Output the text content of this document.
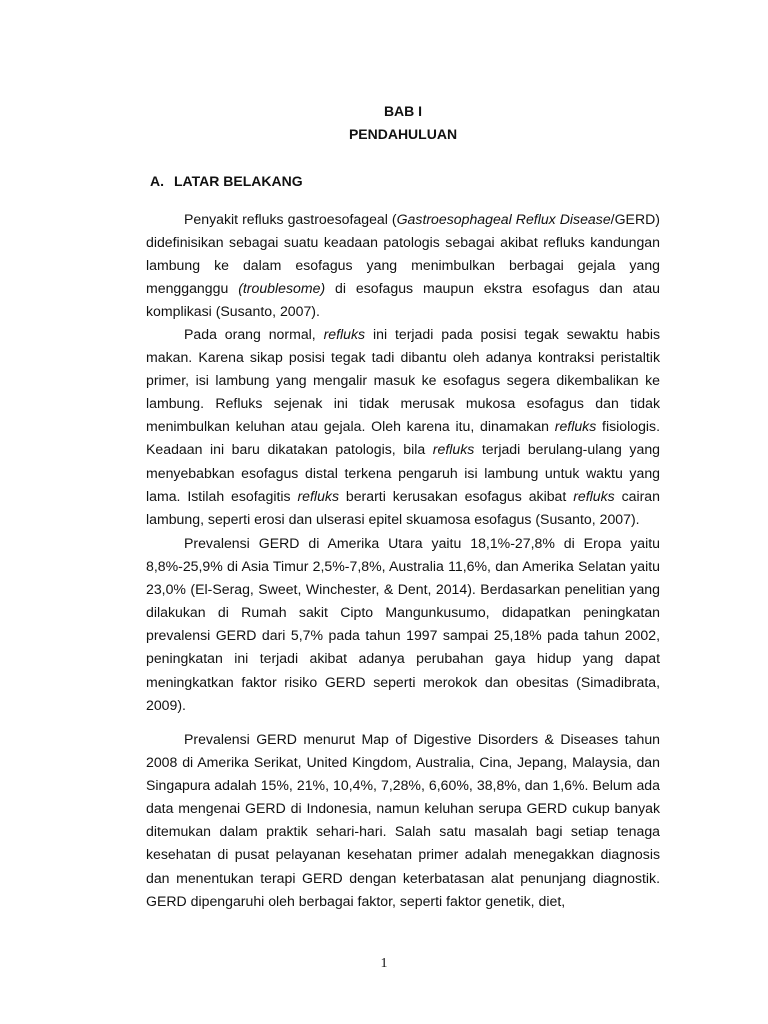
BAB I
PENDAHULUAN
A. LATAR BELAKANG

Penyakit refluks gastroesofageal (Gastroesophageal Reflux Disease/GERD) didefinisikan sebagai suatu keadaan patologis sebagai akibat refluks kandungan lambung ke dalam esofagus yang menimbulkan berbagai gejala yang mengganggu (troublesome) di esofagus maupun ekstra esofagus dan atau komplikasi (Susanto, 2007).

Pada orang normal, refluks ini terjadi pada posisi tegak sewaktu habis makan. Karena sikap posisi tegak tadi dibantu oleh adanya kontraksi peristaltik primer, isi lambung yang mengalir masuk ke esofagus segera dikembalikan ke lambung. Refluks sejenak ini tidak merusak mukosa esofagus dan tidak menimbulkan keluhan atau gejala. Oleh karena itu, dinamakan refluks fisiologis. Keadaan ini baru dikatakan patologis, bila refluks terjadi berulang-ulang yang menyebabkan esofagus distal terkena pengaruh isi lambung untuk waktu yang lama. Istilah esofagitis refluks berarti kerusakan esofagus akibat refluks cairan lambung, seperti erosi dan ulserasi epitel skuamosa esofagus (Susanto, 2007).

Prevalensi GERD di Amerika Utara yaitu 18,1%-27,8% di Eropa yaitu 8,8%-25,9% di Asia Timur 2,5%-7,8%, Australia 11,6%, dan Amerika Selatan yaitu 23,0% (El-Serag, Sweet, Winchester, & Dent, 2014). Berdasarkan penelitian yang dilakukan di Rumah sakit Cipto Mangunkusumo, didapatkan peningkatan prevalensi GERD dari 5,7% pada tahun 1997 sampai 25,18% pada tahun 2002, peningkatan ini terjadi akibat adanya perubahan gaya hidup yang dapat meningkatkan faktor risiko GERD seperti merokok dan obesitas (Simadibrata, 2009).

Prevalensi GERD menurut Map of Digestive Disorders & Diseases tahun 2008 di Amerika Serikat, United Kingdom, Australia, Cina, Jepang, Malaysia, dan Singapura adalah 15%, 21%, 10,4%, 7,28%, 6,60%, 38,8%, dan 1,6%. Belum ada data mengenai GERD di Indonesia, namun keluhan serupa GERD cukup banyak ditemukan dalam praktik sehari-hari. Salah satu masalah bagi setiap tenaga kesehatan di pusat pelayanan kesehatan primer adalah menegakkan diagnosis dan menentukan terapi GERD dengan keterbatasan alat penunjang diagnostik. GERD dipengaruhi oleh berbagai faktor, seperti faktor genetik, diet,

1
